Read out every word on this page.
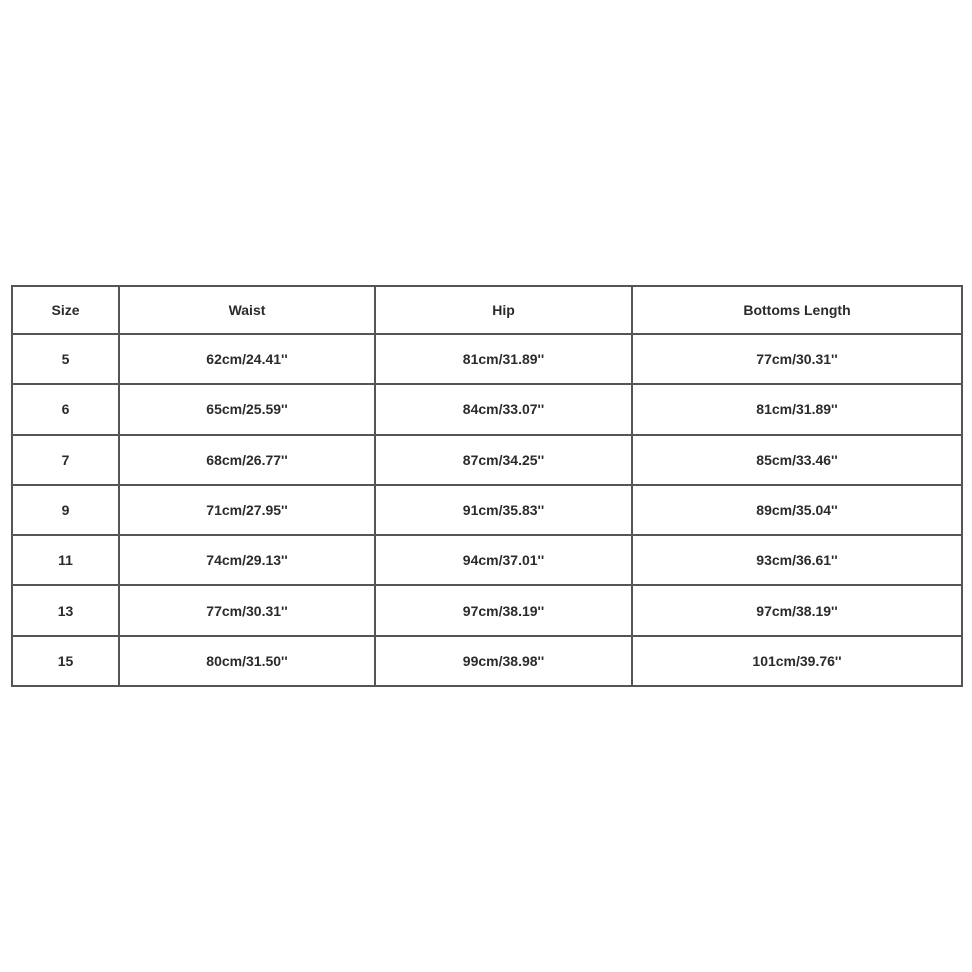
Size	Waist	Hip	Bottoms Length
5	62cm/24.41''	81cm/31.89''	77cm/30.31''
6	65cm/25.59''	84cm/33.07''	81cm/31.89''
7	68cm/26.77''	87cm/34.25''	85cm/33.46''
9	71cm/27.95''	91cm/35.83''	89cm/35.04''
11	74cm/29.13''	94cm/37.01''	93cm/36.61''
13	77cm/30.31''	97cm/38.19''	97cm/38.19''
15	80cm/31.50''	99cm/38.98''	101cm/39.76''
